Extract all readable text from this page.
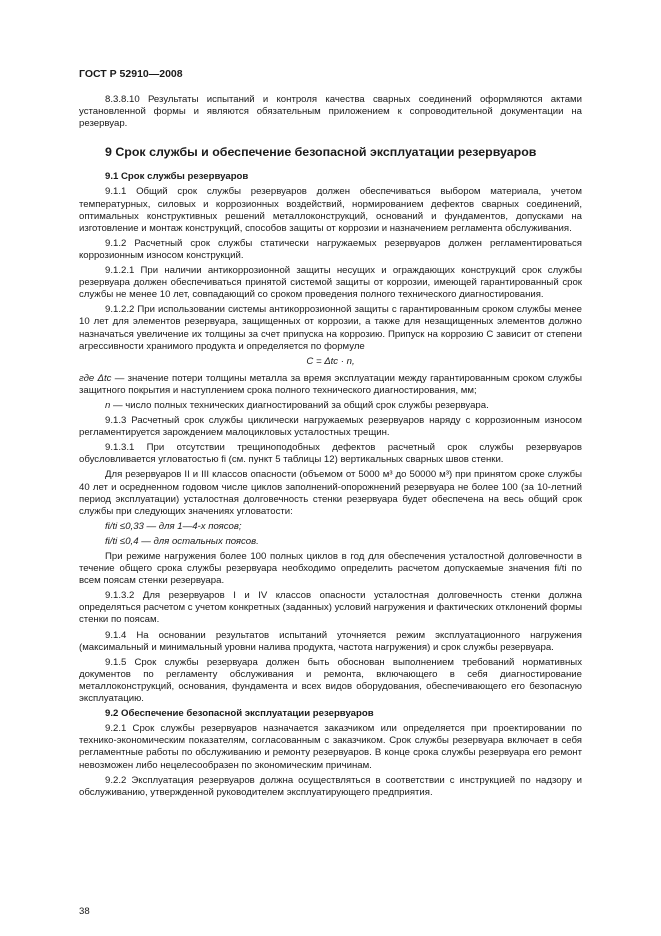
ГОСТ Р 52910—2008

8.3.8.10 Результаты испытаний и контроля качества сварных соединений оформляются актами установленной формы и являются обязательным приложением к сопроводительной документации на резервуар.

9 Срок службы и обеспечение безопасной эксплуатации резервуаров
9.1 Срок службы резервуаров

9.1.1 Общий срок службы резервуаров должен обеспечиваться выбором материала, учетом температурных, силовых и коррозионных воздействий, нормированием дефектов сварных соединений, оптимальных конструктивных решений металлоконструкций, оснований и фундаментов, допусками на изготовление и монтаж конструкций, способов защиты от коррозии и назначением регламента обслуживания.

9.1.2 Расчетный срок службы статически нагружаемых резервуаров должен регламентироваться коррозионным износом конструкций.

9.1.2.1 При наличии антикоррозионной защиты несущих и ограждающих конструкций срок службы резервуара должен обеспечиваться принятой системой защиты от коррозии, имеющей гарантированный срок службы не менее 10 лет, совпадающий со сроком проведения полного технического диагностирования.

9.1.2.2 При использовании системы антикоррозионной защиты с гарантированным сроком службы менее 10 лет для элементов резервуара, защищенных от коррозии, а также для незащищенных элементов должно назначаться увеличение их толщины за счет припуска на коррозию. Припуск на коррозию C зависит от степени агрессивности хранимого продукта и определяется по формуле

C = Δtc · n,

где Δtc — значение потери толщины металла за время эксплуатации между гарантированным сроком службы защитного покрытия и наступлением срока полного технического диагностирования, мм;

n — число полных технических диагностирований за общий срок службы резервуара.

9.1.3 Расчетный срок службы циклически нагружаемых резервуаров наряду с коррозионным износом регламентируется зарождением малоцикловых усталостных трещин.

9.1.3.1 При отсутствии трещиноподобных дефектов расчетный срок службы резервуаров обусловливается угловатостью fi (см. пункт 5 таблицы 12) вертикальных сварных швов стенки.

Для резервуаров II и III классов опасности (объемом от 5000 м³ до 50000 м³) при принятом сроке службы 40 лет и осредненном годовом числе циклов заполнений-опорожнений резервуара не более 100 (за 10-летний период эксплуатации) усталостная долговечность стенки резервуара будет обеспечена на весь общий срок службы при следующих значениях угловатости:

fi/ti ≤0,33 — для 1—4-х поясов;

fi/ti ≤0,4 — для остальных поясов.

При режиме нагружения более 100 полных циклов в год для обеспечения усталостной долговечности в течение общего срока службы резервуара необходимо определить расчетом допускаемые значения fi/ti по всем поясам стенки резервуара.

9.1.3.2 Для резервуаров I и IV классов опасности усталостная долговечность стенки должна определяться расчетом с учетом конкретных (заданных) условий нагружения и фактических отклонений формы стенки по поясам.

9.1.4 На основании результатов испытаний уточняется режим эксплуатационного нагружения (максимальный и минимальный уровни налива продукта, частота нагружения) и срок службы резервуара.

9.1.5 Срок службы резервуара должен быть обоснован выполнением требований нормативных документов по регламенту обслуживания и ремонта, включающего в себя диагностирование металлоконструкций, основания, фундамента и всех видов оборудования, обеспечивающего его безопасную эксплуатацию.

9.2 Обеспечение безопасной эксплуатации резервуаров

9.2.1 Срок службы резервуаров назначается заказчиком или определяется при проектировании по технико-экономическим показателям, согласованным с заказчиком. Срок службы резервуара включает в себя регламентные работы по обслуживанию и ремонту резервуаров. В конце срока службы резервуара его ремонт невозможен либо нецелесообразен по экономическим причинам.

9.2.2 Эксплуатация резервуаров должна осуществляться в соответствии с инструкцией по надзору и обслуживанию, утвержденной руководителем эксплуатирующего предприятия.

38
